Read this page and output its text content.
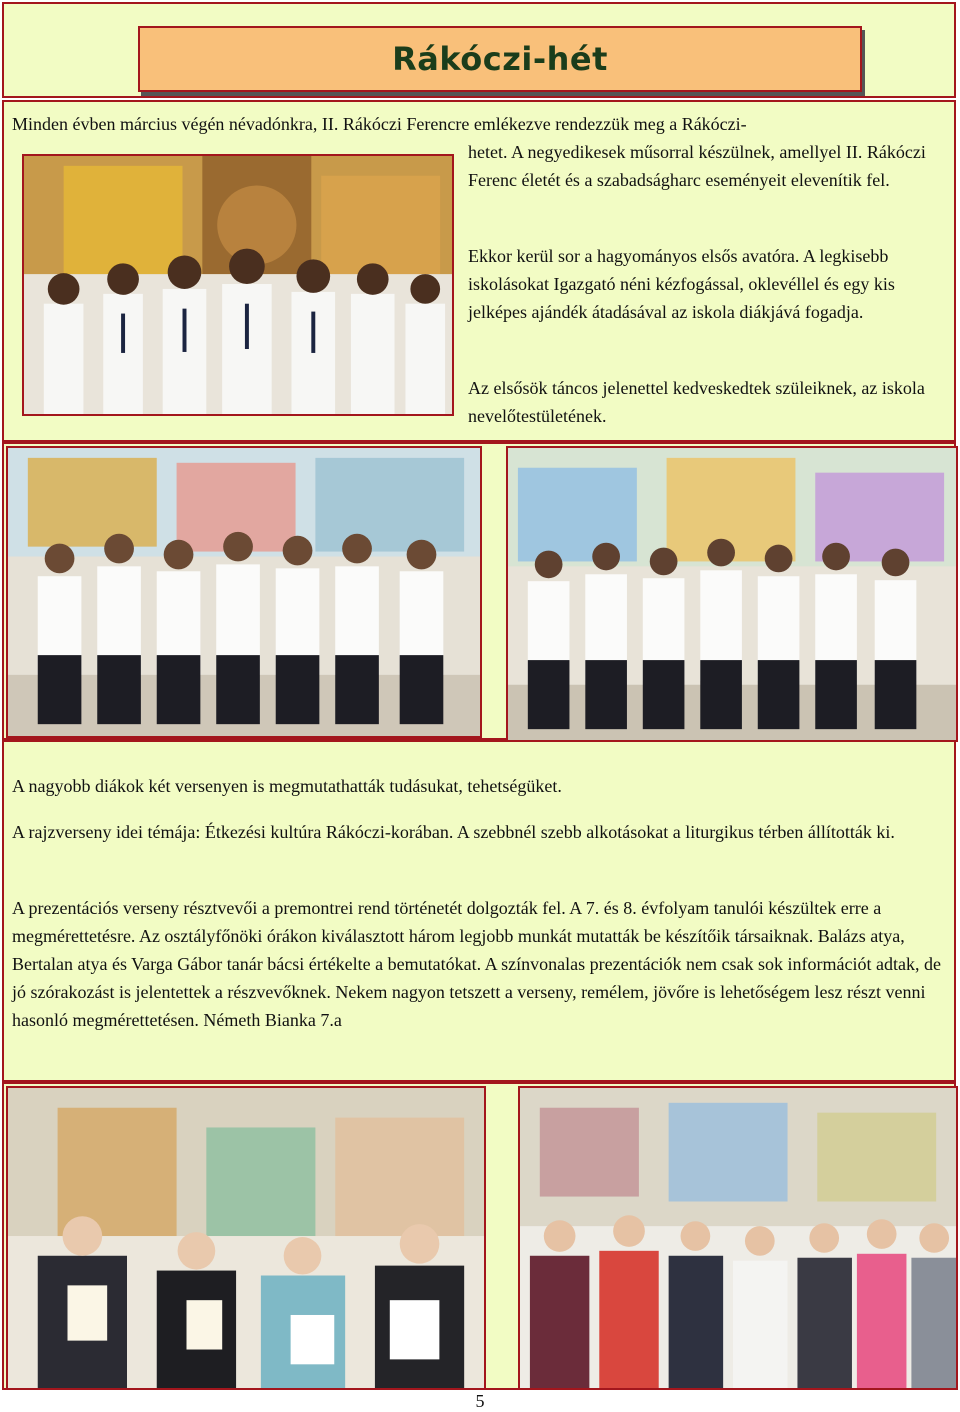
Rákóczi-hét
Minden évben március végén névadónkra, II. Rákóczi Ferencre emlékezve rendezzük meg a Rákóczi-
hetet. A negyedikesek műsorral készülnek, amellyel II. Rákóczi Ferenc életét és a szabadságharc eseményeit elevenítik fel.
Ekkor kerül sor a hagyományos elsős avatóra. A legkisebb iskolásokat Igazgató néni kézfogással, oklevéllel és egy kis jelképes ajándék átadásával az iskola diákjává fogadja.
Az elsősök táncos jelenettel kedveskedtek szüleiknek, az iskola nevelőtestületének.

A nagyobb diákok két versenyen is megmutathatták tudásukat, tehetségüket.

A rajzverseny idei témája: Étkezési kultúra Rákóczi-korában. A szebbnél szebb alkotásokat a liturgikus térben állították ki.

A prezentációs verseny résztvevői a premontrei rend történetét dolgozták fel. A 7. és 8. évfolyam tanulói készültek erre a megmérettetésre. Az osztályfőnöki órákon kiválasztott három legjobb munkát mutatták be készítőik társaiknak. Balázs atya, Bertalan atya és Varga Gábor tanár bácsi értékelte a bemutatókat. A színvonalas prezentációk nem csak sok információt adtak, de jó szórakozást is jelentettek a részvevőknek. Nekem nagyon tetszett a verseny, remélem, jövőre is lehetőségem lesz részt venni hasonló megmérettetésen. Németh Bianka 7.a

5
